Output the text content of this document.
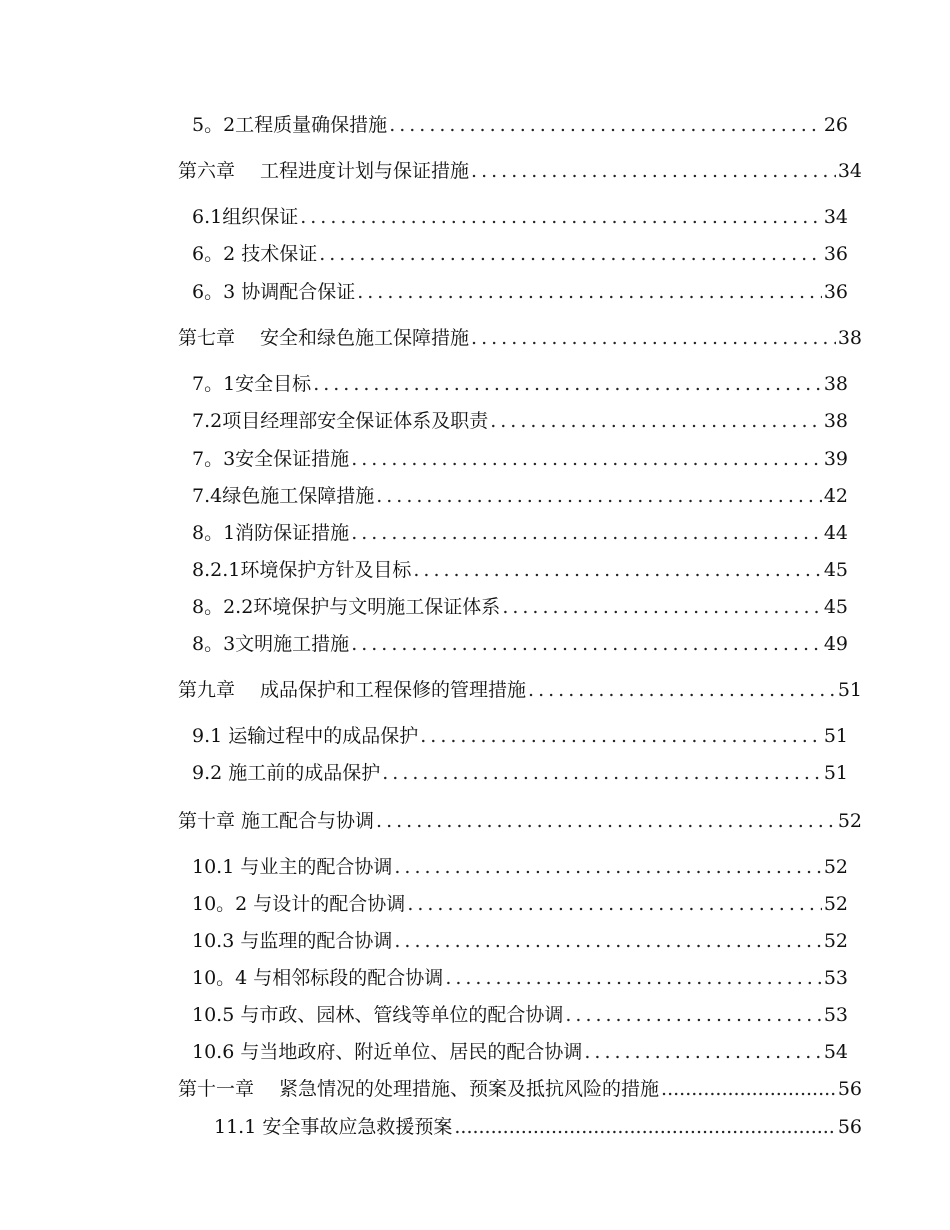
5。2工程质量确保措施 .....	26
第六章　 工程进度计划与保证措施 .....	34
6.1组织保证 .....	34
6。2 技术保证 .....	36
6。3 协调配合保证 .....	36
第七章　 安全和绿色施工保障措施 .....	38
7。1安全目标 .....	38
7.2项目经理部安全保证体系及职责 .....	38
7。3安全保证措施 .....	39
7.4绿色施工保障措施 .....	42
8。1消防保证措施 .....	44
8.2.1环境保护方针及目标 .....	45
8。2.2环境保护与文明施工保证体系 .....	45
8。3文明施工措施 .....	49
第九章　 成品保护和工程保修的管理措施 .....	51
9.1 运输过程中的成品保护 .....	51
9.2 施工前的成品保护 .....	51
第十章 施工配合与协调 .....	52
10.1 与业主的配合协调 .....	52
10。2 与设计的配合协调 .....	52
10.3 与监理的配合协调 .....	52
10。4 与相邻标段的配合协调 .....	53
10.5 与市政、园林、管线等单位的配合协调 .....	53
10.6 与当地政府、附近单位、居民的配合协调 .....	54
第十一章　 紧急情况的处理措施、预案及抵抗风险的措施 .....	56
11.1 安全事故应急救援预案 .....	56
